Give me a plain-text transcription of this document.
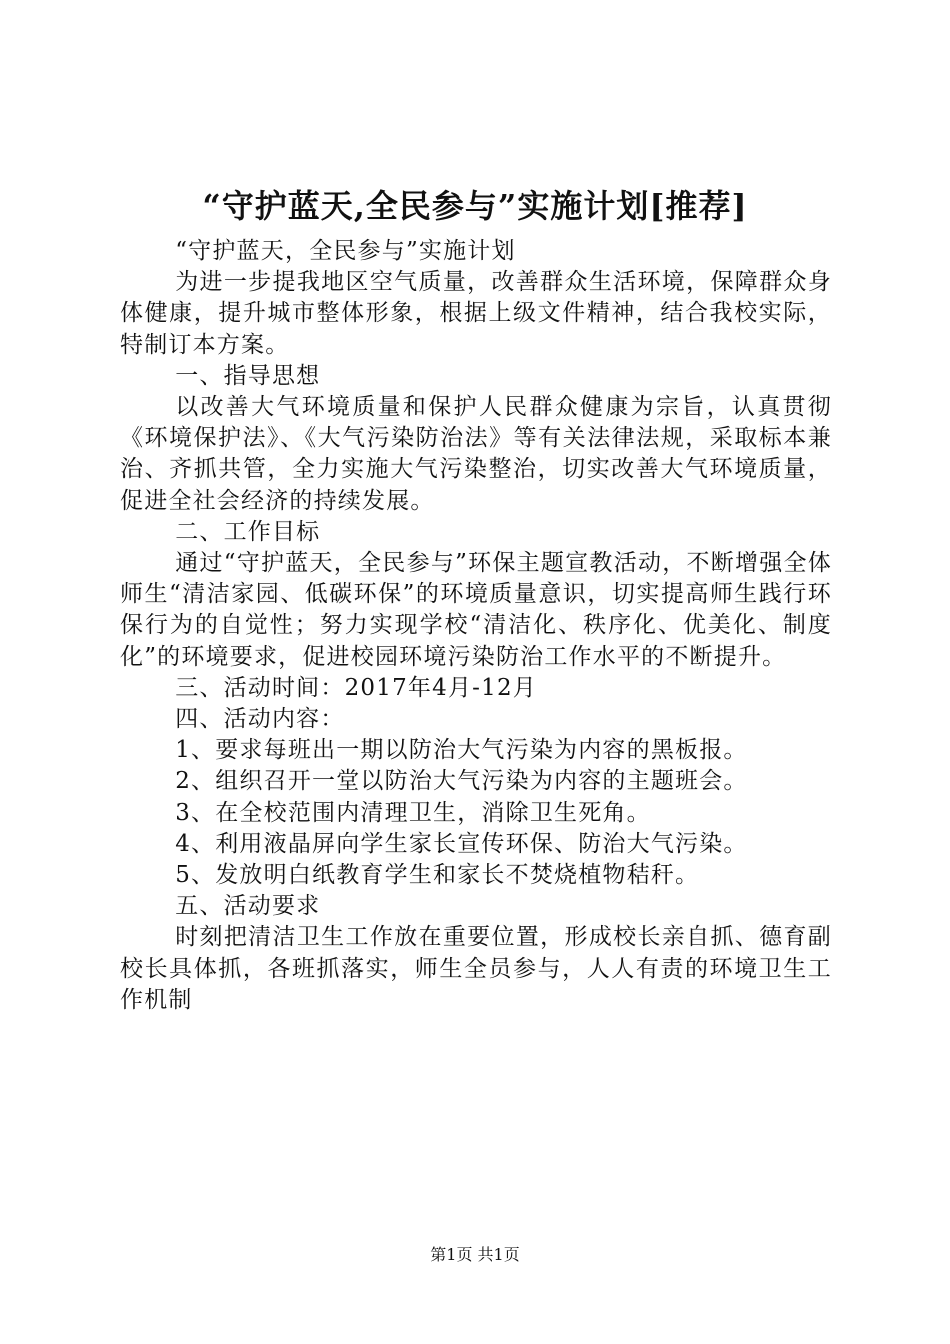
“守护蓝天,全民参与”实施计划[推荐]

“守护蓝天，全民参与”实施计划

为进一步提我地区空气质量，改善群众生活环境，保障群众身体健康，提升城市整体形象，根据上级文件精神，结合我校实际，特制订本方案。

一、指导思想

以改善大气环境质量和保护人民群众健康为宗旨，认真贯彻《环境保护法》、《大气污染防治法》等有关法律法规，采取标本兼治、齐抓共管，全力实施大气污染整治，切实改善大气环境质量，促进全社会经济的持续发展。

二、工作目标

通过“守护蓝天，全民参与”环保主题宣教活动，不断增强全体师生“清洁家园、低碳环保”的环境质量意识，切实提高师生践行环保行为的自觉性；努力实现学校“清洁化、秩序化、优美化、制度化”的环境要求，促进校园环境污染防治工作水平的不断提升。

三、活动时间：2017年4月-12月

四、活动内容：

1、要求每班出一期以防治大气污染为内容的黑板报。

2、组织召开一堂以防治大气污染为内容的主题班会。

3、在全校范围内清理卫生，消除卫生死角。

4、利用液晶屏向学生家长宣传环保、防治大气污染。

5、发放明白纸教育学生和家长不焚烧植物秸秆。

五、活动要求

时刻把清洁卫生工作放在重要位置，形成校长亲自抓、德育副校长具体抓，各班抓落实，师生全员参与，人人有责的环境卫生工作机制

第1页 共1页
